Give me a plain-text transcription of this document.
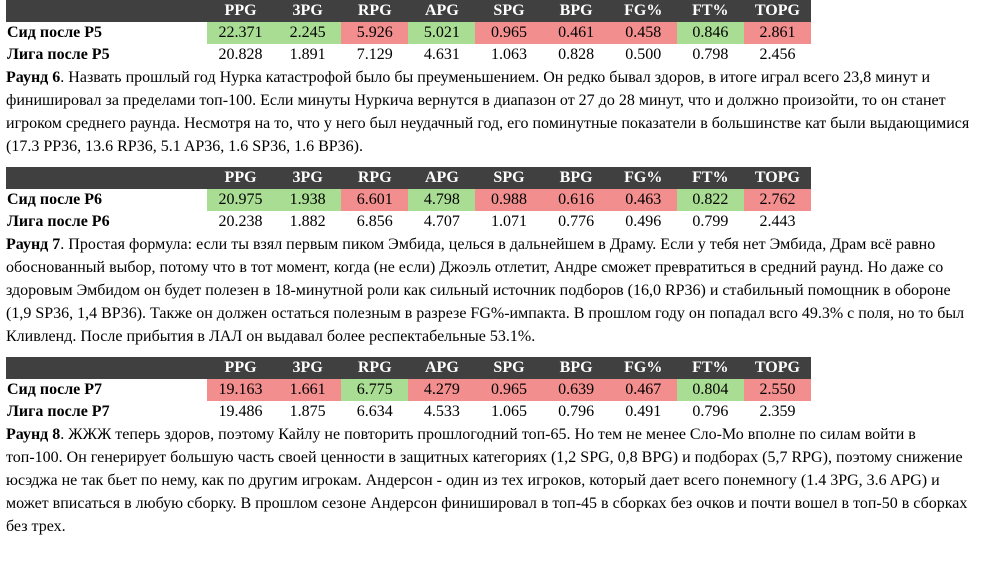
	PPG	3PG	RPG	APG	SPG	BPG	FG%	FT%	TOPG
Сид после Р5	22.371	2.245	5.926	5.021	0.965	0.461	0.458	0.846	2.861
Лига после Р5	20.828	1.891	7.129	4.631	1.063	0.828	0.500	0.798	2.456

Раунд 6. Назвать прошлый год Нурка катастрофой было бы преуменьшением. Он редко бывал здоров, в итоге играл всего 23,8 минут и финишировал за пределами топ-100. Если минуты Нуркича вернутся в диапазон от 27 до 28 минут, что и должно произойти, то он станет игроком среднего раунда. Несмотря на то, что у него был неудачный год, его поминутные показатели в большинстве кат были выдающимися (17.3 PP36, 13.6 RP36, 5.1 AP36, 1.6 SP36, 1.6 BP36).

	PPG	3PG	RPG	APG	SPG	BPG	FG%	FT%	TOPG
Сид после Р6	20.975	1.938	6.601	4.798	0.988	0.616	0.463	0.822	2.762
Лига после Р6	20.238	1.882	6.856	4.707	1.071	0.776	0.496	0.799	2.443

Раунд 7. Простая формула: если ты взял первым пиком Эмбида, целься в дальнейшем в Драму. Если у тебя нет Эмбида, Драм всё равно обоснованный выбор, потому что в тот момент, когда (не если) Джоэль отлетит, Андре сможет превратиться в средний раунд. Но даже со здоровым Эмбидом он будет полезен в 18-минутной роли как сильный источник подборов (16,0 RP36) и стабильный помощник в обороне (1,9 SP36, 1,4 BP36). Также он должен остаться полезным в разрезе FG%-импакта. В прошлом году он попадал всго 49.3% с поля, но то был Кливленд. После прибытия в ЛАЛ он выдавал более респектабельные 53.1%.

	PPG	3PG	RPG	APG	SPG	BPG	FG%	FT%	TOPG
Сид после Р7	19.163	1.661	6.775	4.279	0.965	0.639	0.467	0.804	2.550
Лига после Р7	19.486	1.875	6.634	4.533	1.065	0.796	0.491	0.796	2.359

Раунд 8. ЖЖЖ теперь здоров, поэтому Кайлу не повторить прошлогодний топ-65. Но тем не менее Сло-Мо вполне по силам войти в топ-100. Он генерирует большую часть своей ценности в защитных категориях (1,2 SPG, 0,8 BPG) и подборах (5,7 RPG), поэтому снижение юсэджа не так бьет по нему, как по другим игрокам. Андерсон - один из тех игроков, который дает всего понемногу (1.4 3PG, 3.6 APG) и может вписаться в любую сборку. В прошлом сезоне Андерсон финишировал в топ-45 в сборках без очков и почти вошел в топ-50 в сборках без трех.
